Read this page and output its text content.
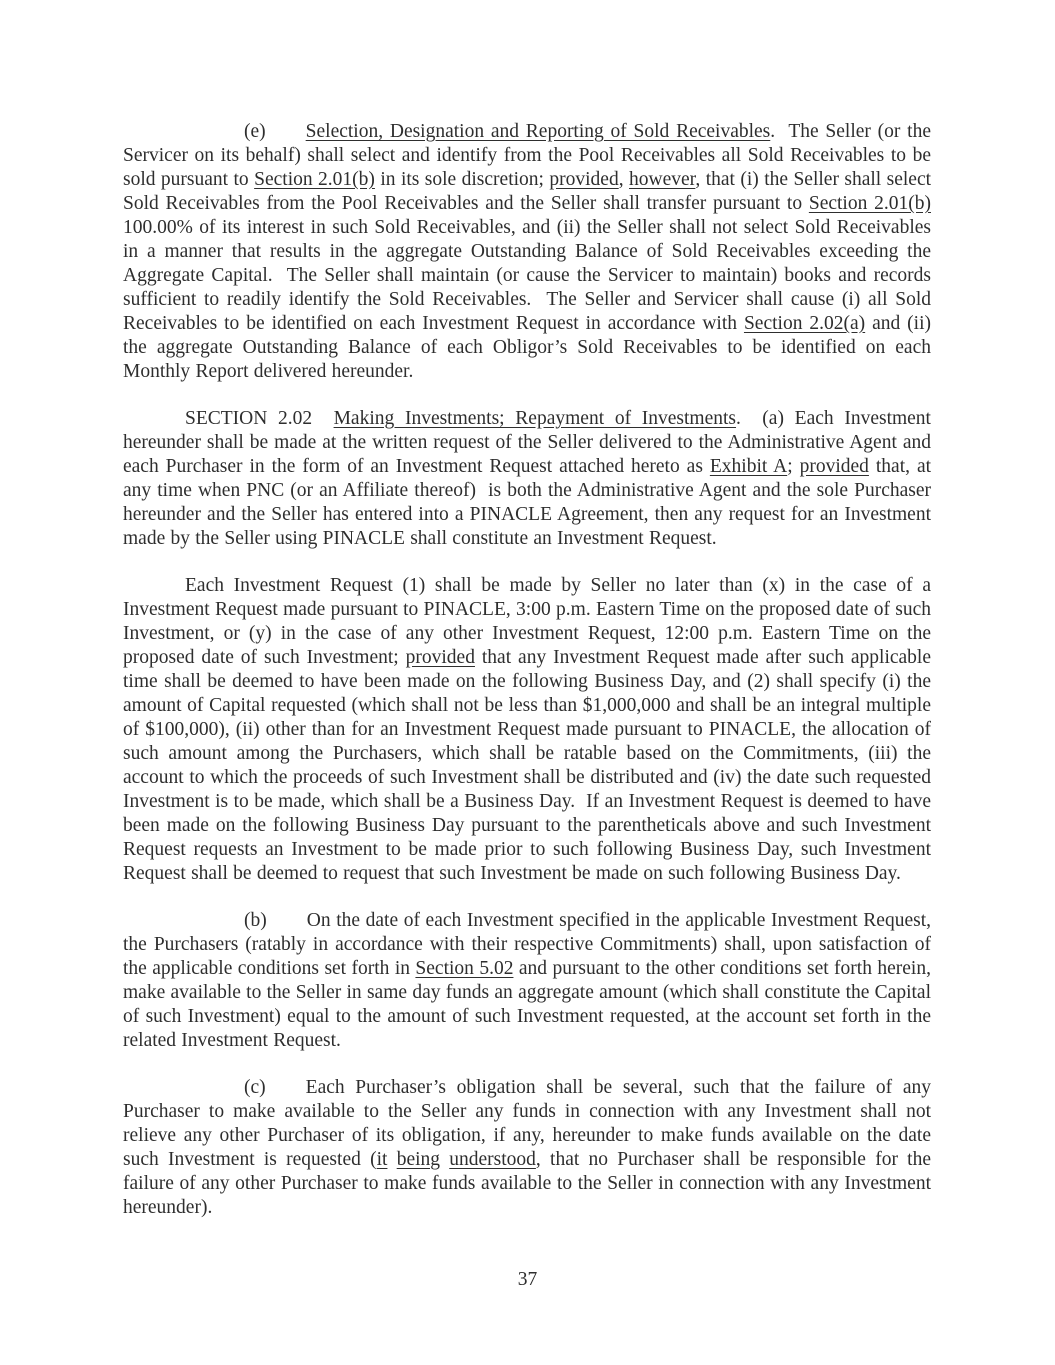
(e) Selection, Designation and Reporting of Sold Receivables.  The Seller (or the Servicer on its behalf) shall select and identify from the Pool Receivables all Sold Receivables to be sold pursuant to Section 2.01(b) in its sole discretion; provided, however, that (i) the Seller shall select Sold Receivables from the Pool Receivables and the Seller shall transfer pursuant to Section 2.01(b) 100.00% of its interest in such Sold Receivables, and (ii) the Seller shall not select Sold Receivables in a manner that results in the aggregate Outstanding Balance of Sold Receivables exceeding the Aggregate Capital.  The Seller shall maintain (or cause the Servicer to maintain) books and records sufficient to readily identify the Sold Receivables.  The Seller and Servicer shall cause (i) all Sold Receivables to be identified on each Investment Request in accordance with Section 2.02(a) and (ii) the aggregate Outstanding Balance of each Obligor’s Sold Receivables to be identified on each Monthly Report delivered hereunder.

SECTION 2.02  Making Investments; Repayment of Investments.  (a) Each Investment hereunder shall be made at the written request of the Seller delivered to the Administrative Agent and each Purchaser in the form of an Investment Request attached hereto as Exhibit A; provided that, at any time when PNC (or an Affiliate thereof)  is both the Administrative Agent and the sole Purchaser hereunder and the Seller has entered into a PINACLE Agreement, then any request for an Investment made by the Seller using PINACLE shall constitute an Investment Request.

Each Investment Request (1) shall be made by Seller no later than (x) in the case of a Investment Request made pursuant to PINACLE, 3:00 p.m. Eastern Time on the proposed date of such Investment, or (y) in the case of any other Investment Request, 12:00 p.m. Eastern Time on the proposed date of such Investment; provided that any Investment Request made after such applicable time shall be deemed to have been made on the following Business Day, and (2) shall specify (i) the amount of Capital requested (which shall not be less than $1,000,000 and shall be an integral multiple of $100,000), (ii) other than for an Investment Request made pursuant to PINACLE, the allocation of such amount among the Purchasers, which shall be ratable based on the Commitments, (iii) the account to which the proceeds of such Investment shall be distributed and (iv) the date such requested Investment is to be made, which shall be a Business Day.  If an Investment Request is deemed to have been made on the following Business Day pursuant to the parentheticals above and such Investment Request requests an Investment to be made prior to such following Business Day, such Investment Request shall be deemed to request that such Investment be made on such following Business Day.

(b) On the date of each Investment specified in the applicable Investment Request, the Purchasers (ratably in accordance with their respective Commitments) shall, upon satisfaction of the applicable conditions set forth in Section 5.02 and pursuant to the other conditions set forth herein, make available to the Seller in same day funds an aggregate amount (which shall constitute the Capital of such Investment) equal to the amount of such Investment requested, at the account set forth in the related Investment Request.

(c) Each Purchaser’s obligation shall be several, such that the failure of any Purchaser to make available to the Seller any funds in connection with any Investment shall not relieve any other Purchaser of its obligation, if any, hereunder to make funds available on the date such Investment is requested (it being understood, that no Purchaser shall be responsible for the failure of any other Purchaser to make funds available to the Seller in connection with any Investment hereunder).

37
